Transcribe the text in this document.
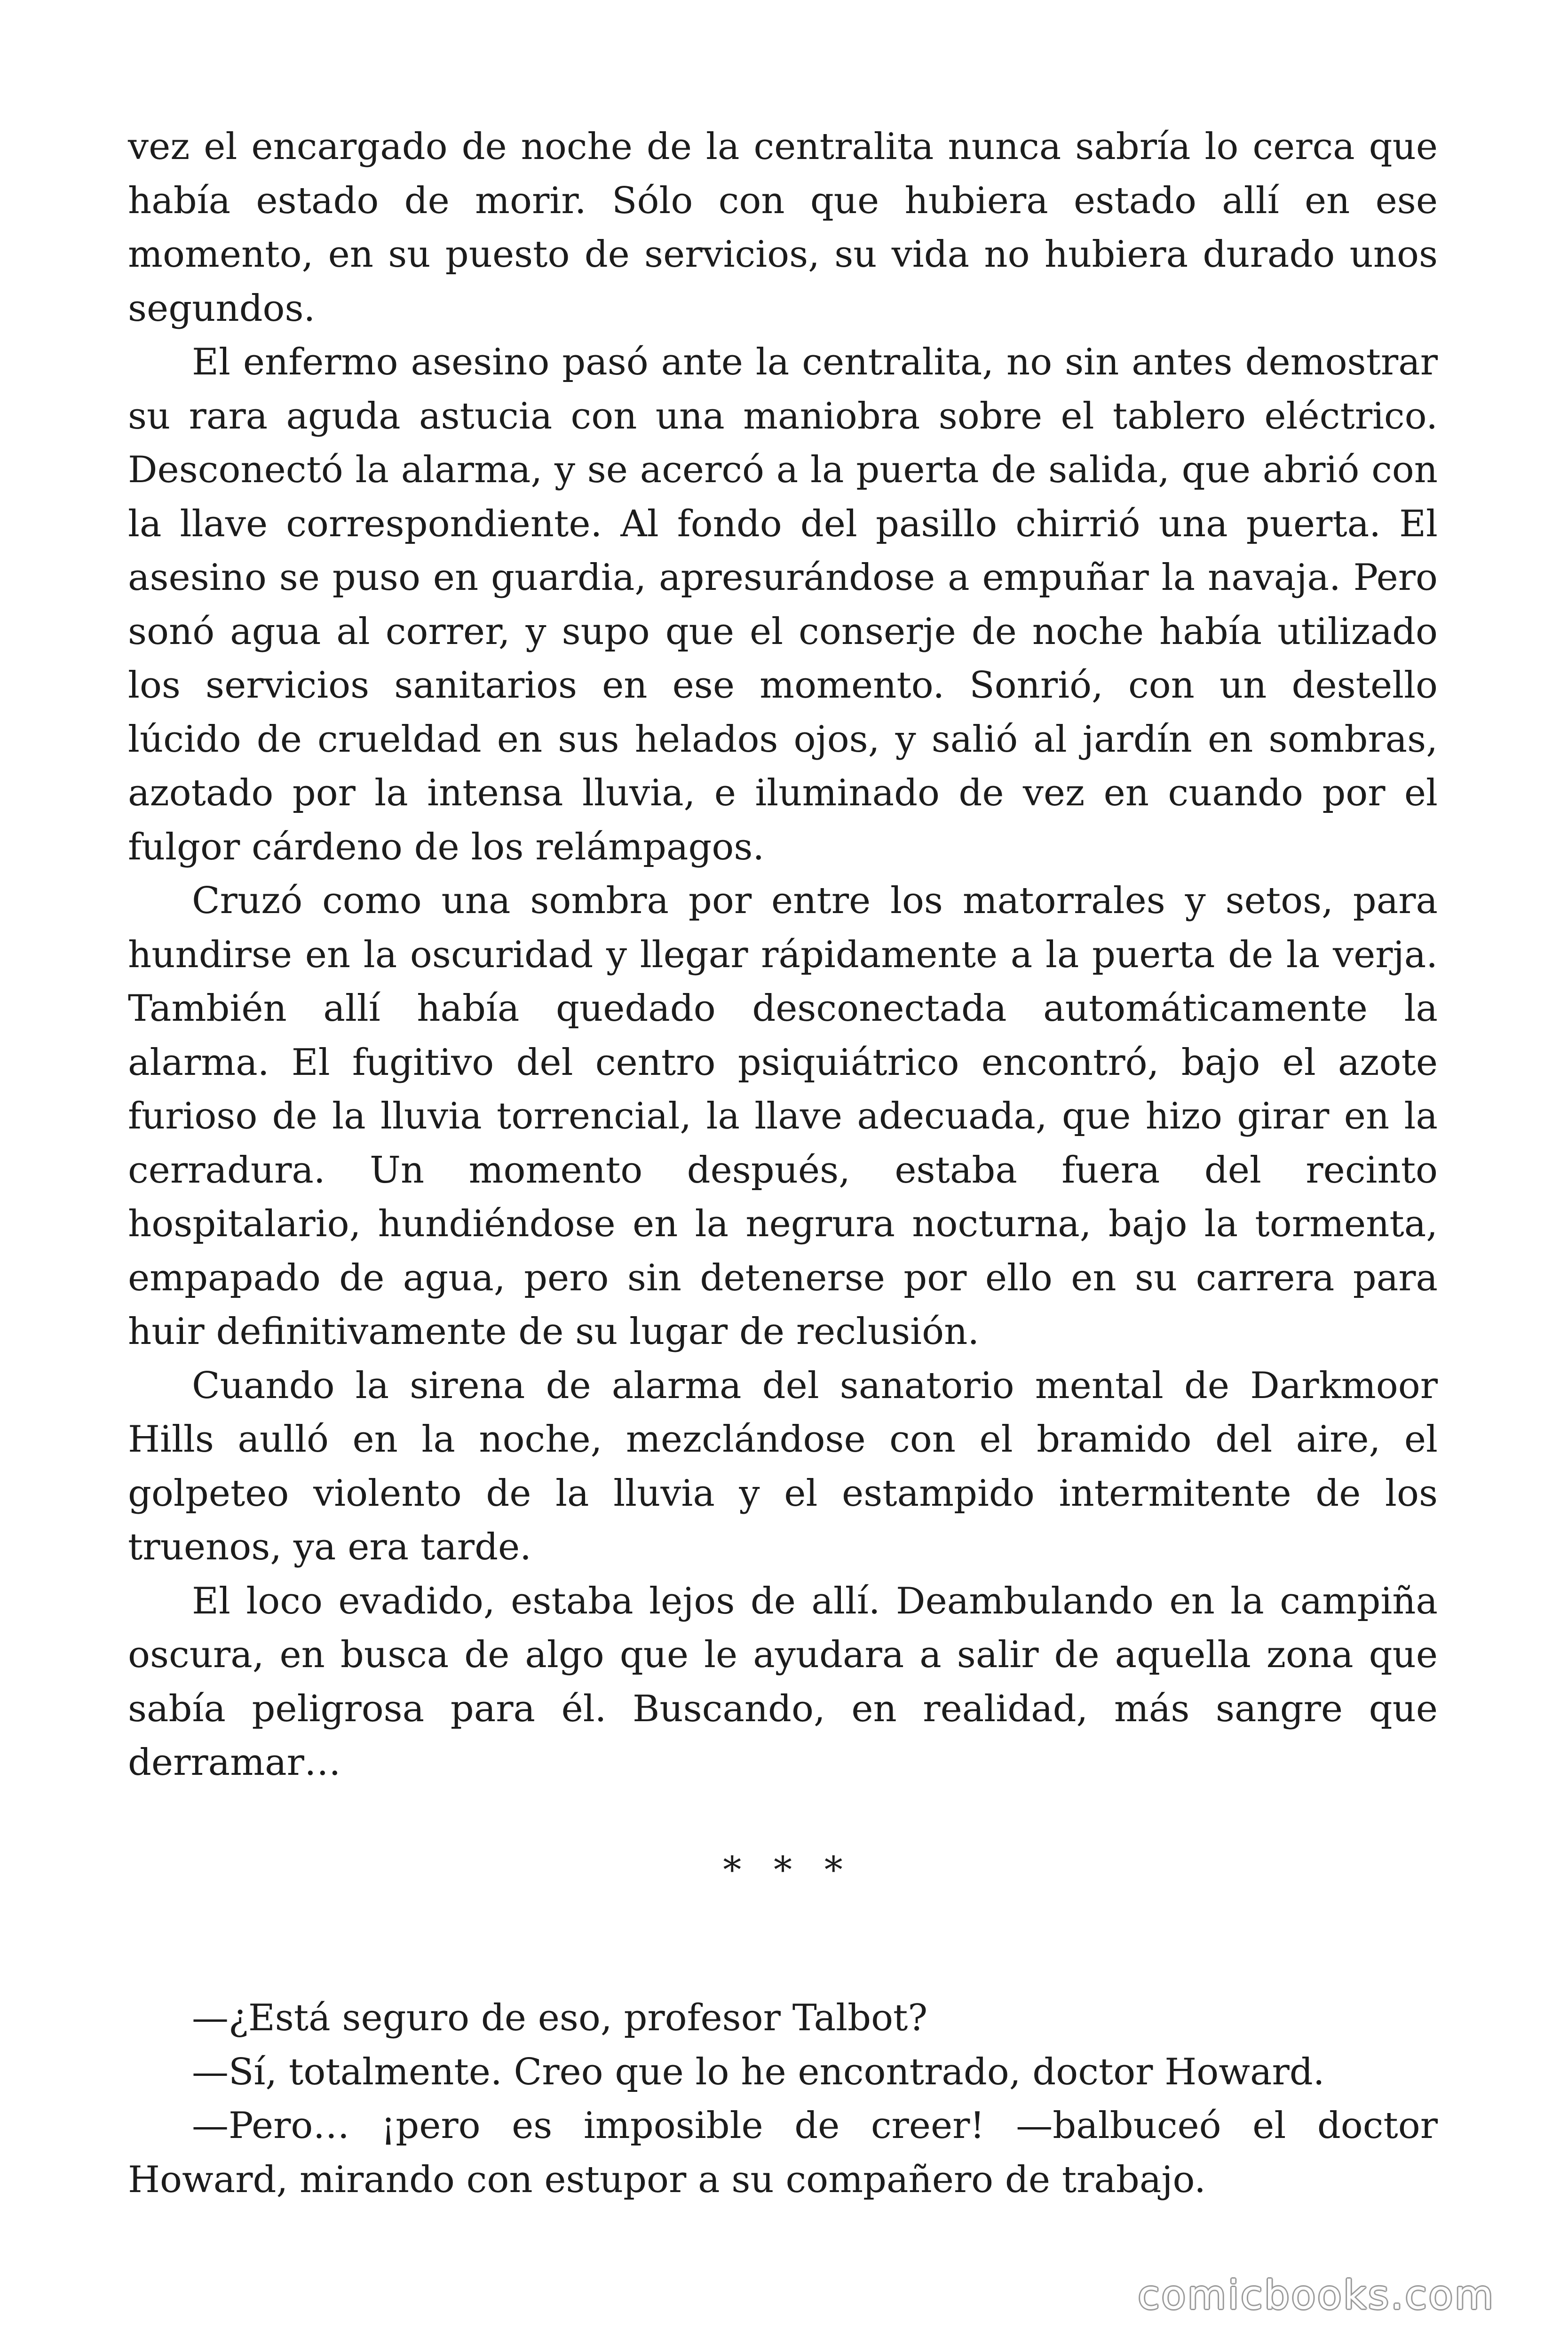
vez el encargado de noche de la centralita nunca sabría lo cerca que había estado de morir. Sólo con que hubiera estado allí en ese momento, en su puesto de servicios, su vida no hubiera durado unos segundos.

El enfermo asesino pasó ante la centralita, no sin antes demostrar su rara aguda astucia con una maniobra sobre el tablero eléctrico. Desconectó la alarma, y se acercó a la puerta de salida, que abrió con la llave correspondiente. Al fondo del pasillo chirrió una puerta. El asesino se puso en guardia, apresurándose a empuñar la navaja. Pero sonó agua al correr, y supo que el conserje de noche había utilizado los servicios sanitarios en ese momento. Sonrió, con un destello lúcido de crueldad en sus helados ojos, y salió al jardín en sombras, azotado por la intensa lluvia, e iluminado de vez en cuando por el fulgor cárdeno de los relámpagos.

Cruzó como una sombra por entre los matorrales y setos, para hundirse en la oscuridad y llegar rápidamente a la puerta de la verja. También allí había quedado desconectada automáticamente la alarma. El fugitivo del centro psiquiátrico encontró, bajo el azote furioso de la lluvia torrencial, la llave adecuada, que hizo girar en la cerradura. Un momento después, estaba fuera del recinto hospitalario, hundiéndose en la negrura nocturna, bajo la tormenta, empapado de agua, pero sin detenerse por ello en su carrera para huir definitivamente de su lugar de reclusión.

Cuando la sirena de alarma del sanatorio mental de Darkmoor Hills aulló en la noche, mezclándose con el bramido del aire, el golpeteo violento de la lluvia y el estampido intermitente de los truenos, ya era tarde.

El loco evadido, estaba lejos de allí. Deambulando en la campiña oscura, en busca de algo que le ayudara a salir de aquella zona que sabía peligrosa para él. Buscando, en realidad, más sangre que derramar…

* * *

—¿Está seguro de eso, profesor Talbot?

—Sí, totalmente. Creo que lo he encontrado, doctor Howard.

—Pero… ¡pero es imposible de creer! —balbuceó el doctor Howard, mirando con estupor a su compañero de trabajo.

comicbooks.com
